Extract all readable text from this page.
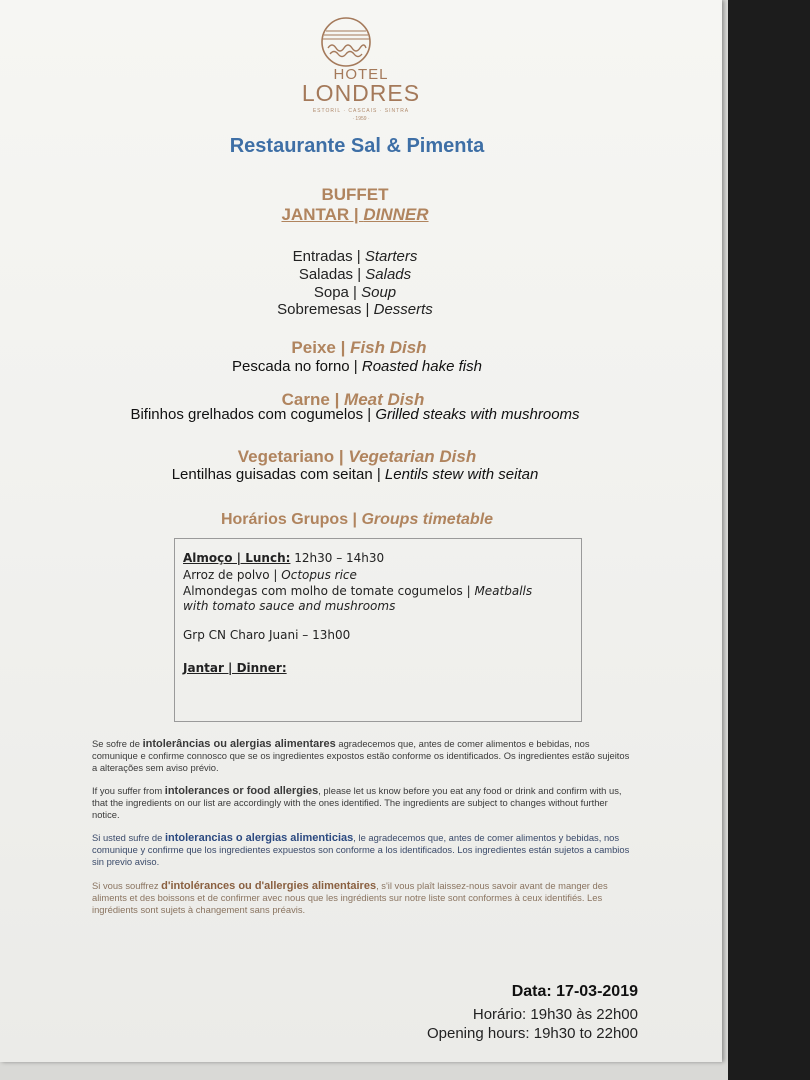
HOTEL
LONDRES
ESTORIL · CASCAIS · SINTRA
· 1959 ·
Restaurante Sal & Pimenta
BUFFET
JANTAR | DINNER
Entradas | Starters
Saladas | Salads
Sopa | Soup
Sobremesas | Desserts
Peixe | Fish Dish
Pescada no forno | Roasted hake fish
Carne | Meat Dish
Bifinhos grelhados com cogumelos | Grilled steaks with mushrooms
Vegetariano | Vegetarian Dish
Lentilhas guisadas com seitan | Lentils stew with seitan
Horários Grupos | Groups timetable
Almoço | Lunch: 12h30 – 14h30
Arroz de polvo | Octopus rice
Almondegas com molho de tomate cogumelos | Meatballs
with tomato sauce and mushrooms
Grp CN Charo Juani – 13h00
Jantar | Dinner:
Se sofre de intolerâncias ou alergias alimentares agradecemos que, antes de comer alimentos e bebidas, nos comunique e confirme connosco que se os ingredientes expostos estão conforme os identificados. Os ingredientes estão sujeitos a alterações sem aviso prévio.
If you suffer from intolerances or food allergies, please let us know before you eat any food or drink and confirm with us, that the ingredients on our list are accordingly with the ones identified. The ingredients are subject to changes without further notice.
Si usted sufre de intolerancias o alergias alimenticias, le agradecemos que, antes de comer alimentos y bebidas, nos comunique y confirme que los ingredientes expuestos son conforme a los identificados. Los ingredientes están sujetos a cambios sin previo aviso.
Si vous souffrez d'intolérances ou d'allergies alimentaires, s'il vous plaît laissez-nous savoir avant de manger des aliments et des boissons et de confirmer avec nous que les ingrédients sur notre liste sont conformes à ceux identifiés. Les ingrédients sont sujets à changement sans préavis.
Data: 17-03-2019
Horário: 19h30 às 22h00
Opening hours: 19h30 to 22h00
